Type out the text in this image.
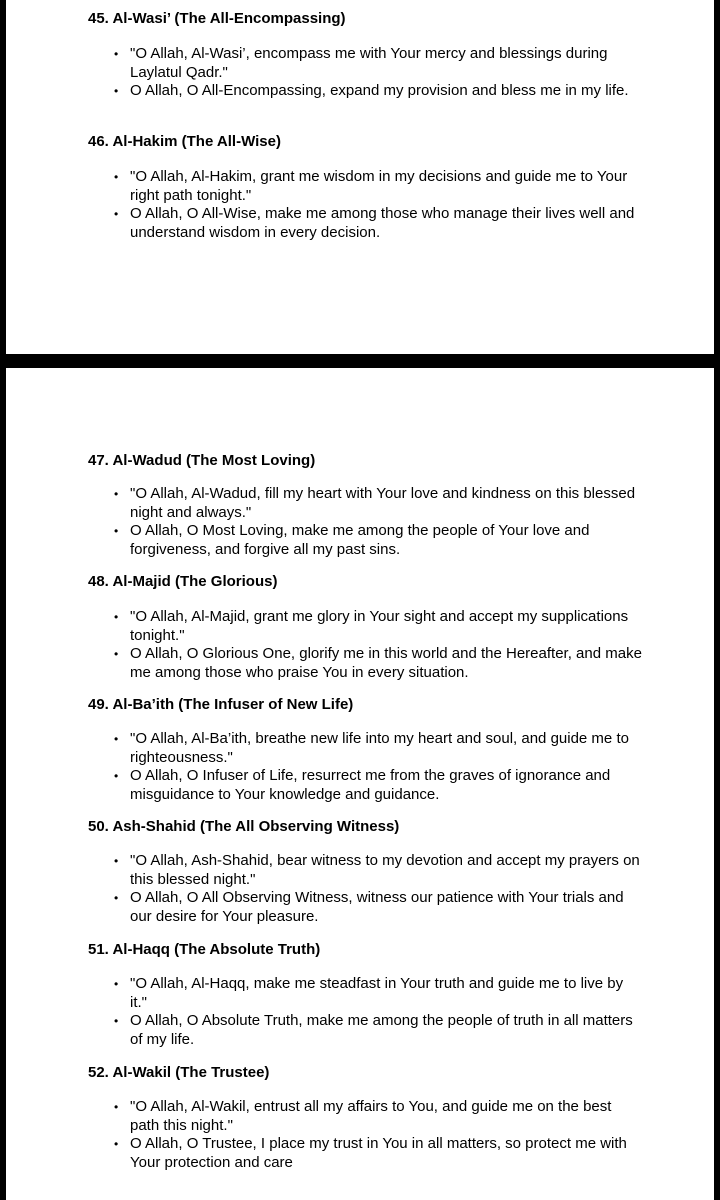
45. Al-Wasi’ (The All-Encompassing)
• "O Allah, Al-Wasi’, encompass me with Your mercy and blessings during Laylatul Qadr."
• O Allah, O All-Encompassing, expand my provision and bless me in my life.
46. Al-Hakim (The All-Wise)
• "O Allah, Al-Hakim, grant me wisdom in my decisions and guide me to Your right path tonight."
• O Allah, O All-Wise, make me among those who manage their lives well and understand wisdom in every decision.
47. Al-Wadud (The Most Loving)
• "O Allah, Al-Wadud, fill my heart with Your love and kindness on this blessed night and always."
• O Allah, O Most Loving, make me among the people of Your love and forgiveness, and forgive all my past sins.
48. Al-Majid (The Glorious)
• "O Allah, Al-Majid, grant me glory in Your sight and accept my supplications tonight."
• O Allah, O Glorious One, glorify me in this world and the Hereafter, and make me among those who praise You in every situation.
49. Al-Ba’ith (The Infuser of New Life)
• "O Allah, Al-Ba’ith, breathe new life into my heart and soul, and guide me to righteousness."
• O Allah, O Infuser of Life, resurrect me from the graves of ignorance and misguidance to Your knowledge and guidance.
50. Ash-Shahid (The All Observing Witness)
• "O Allah, Ash-Shahid, bear witness to my devotion and accept my prayers on this blessed night."
• O Allah, O All Observing Witness, witness our patience with Your trials and our desire for Your pleasure.
51. Al-Haqq (The Absolute Truth)
• "O Allah, Al-Haqq, make me steadfast in Your truth and guide me to live by it."
• O Allah, O Absolute Truth, make me among the people of truth in all matters of my life.
52. Al-Wakil (The Trustee)
• "O Allah, Al-Wakil, entrust all my affairs to You, and guide me on the best path this night."
• O Allah, O Trustee, I place my trust in You in all matters, so protect me with Your protection and care
